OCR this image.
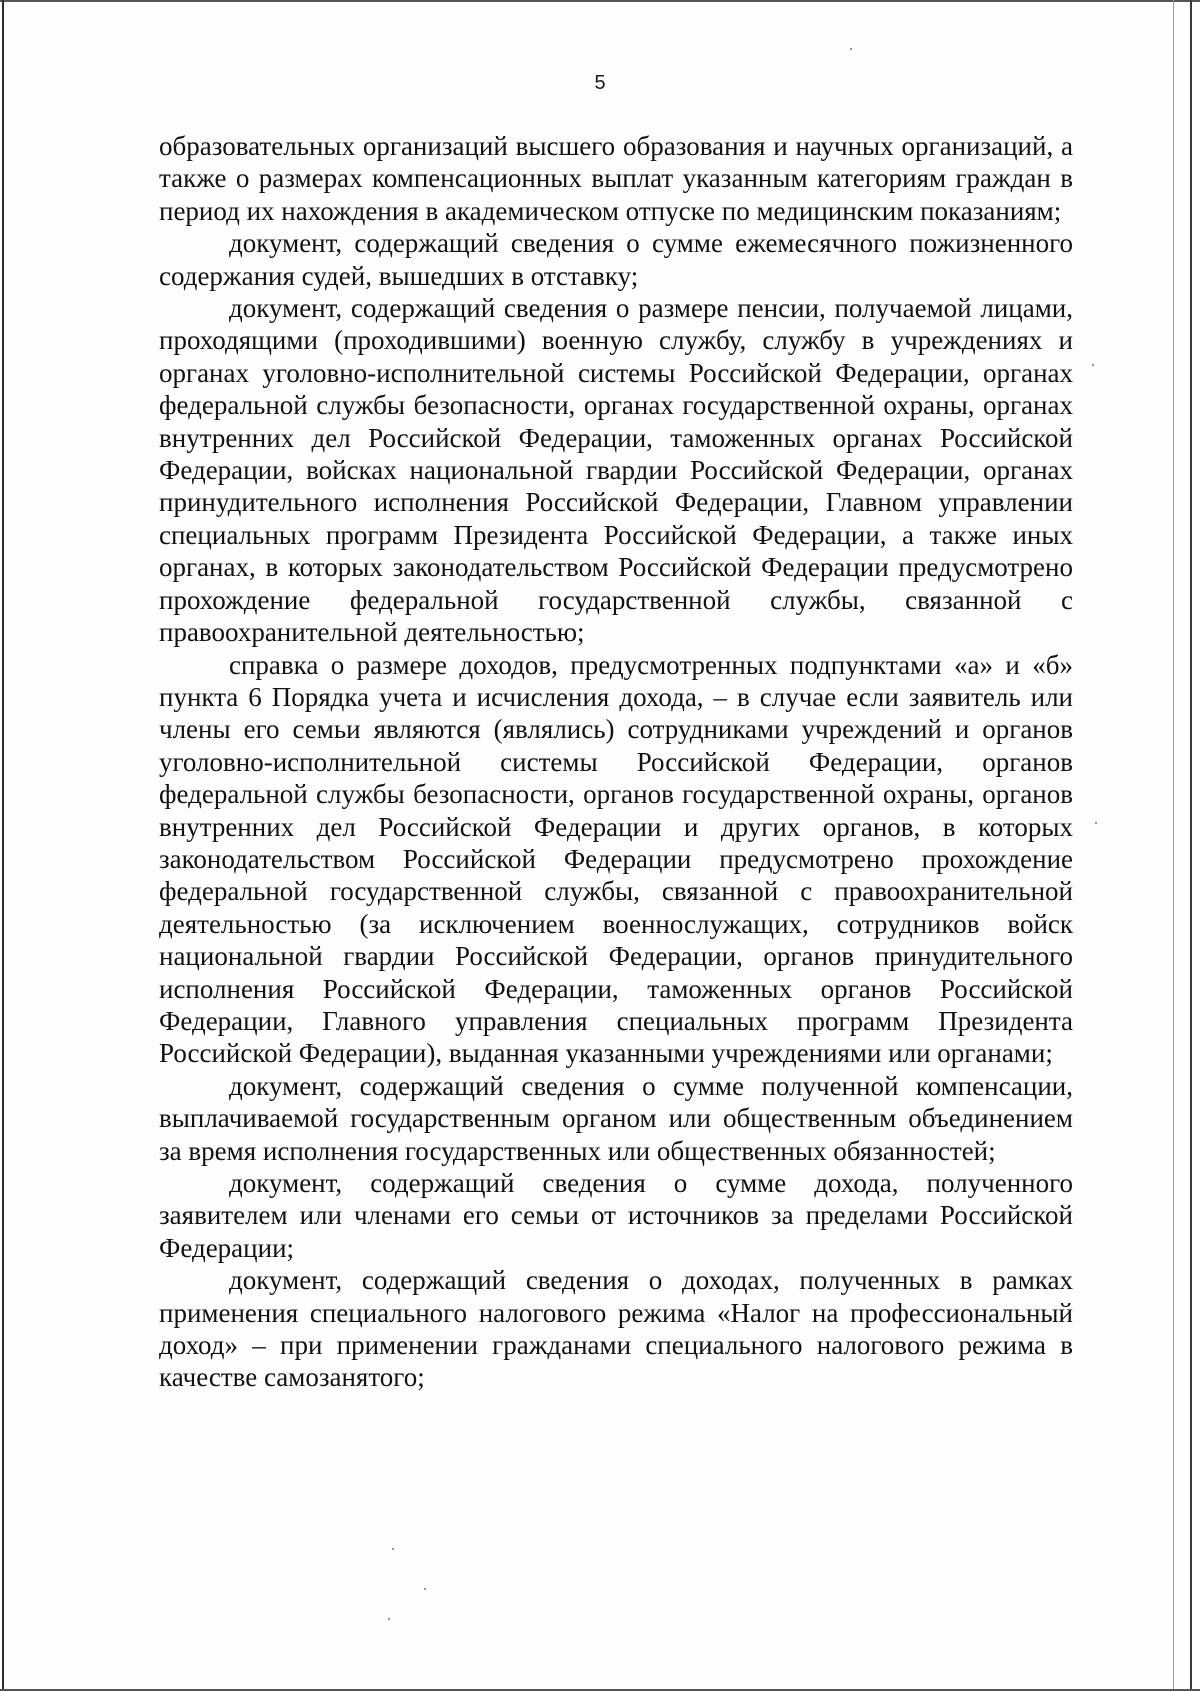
5

образовательных организаций высшего образования и научных организаций, а также о размерах компенсационных выплат указанным категориям граждан в период их нахождения в академическом отпуске по медицинским показаниям;

документ, содержащий сведения о сумме ежемесячного пожизненного содержания судей, вышедших в отставку;

документ, содержащий сведения о размере пенсии, получаемой лицами, проходящими (проходившими) военную службу, службу в учреждениях и органах уголовно-исполнительной системы Российской Федерации, органах федеральной службы безопасности, органах государственной охраны, органах внутренних дел Российской Федерации, таможенных органах Российской Федерации, войсках национальной гвардии Российской Федерации, органах принудительного исполнения Российской Федерации, Главном управлении специальных программ Президента Российской Федерации, а также иных органах, в которых законодательством Российской Федерации предусмотрено прохождение федеральной государственной службы, связанной с правоохранительной деятельностью;

справка о размере доходов, предусмотренных подпунктами «а» и «б» пункта 6 Порядка учета и исчисления дохода, – в случае если заявитель или члены его семьи являются (являлись) сотрудниками учреждений и органов уголовно-исполнительной системы Российской Федерации, органов федеральной службы безопасности, органов государственной охраны, органов внутренних дел Российской Федерации и других органов, в которых законодательством Российской Федерации предусмотрено прохождение федеральной государственной службы, связанной с правоохранительной деятельностью (за исключением военнослужащих, сотрудников войск национальной гвардии Российской Федерации, органов принудительного исполнения Российской Федерации, таможенных органов Российской Федерации, Главного управления специальных программ Президента Российской Федерации), выданная указанными учреждениями или органами;

документ, содержащий сведения о сумме полученной компенсации, выплачиваемой государственным органом или общественным объединением за время исполнения государственных или общественных обязанностей;

документ, содержащий сведения о сумме дохода, полученного заявителем или членами его семьи от источников за пределами Российской Федерации;

документ, содержащий сведения о доходах, полученных в рамках применения специального налогового режима «Налог на профессиональный доход» – при применении гражданами специального налогового режима в качестве самозанятого;
